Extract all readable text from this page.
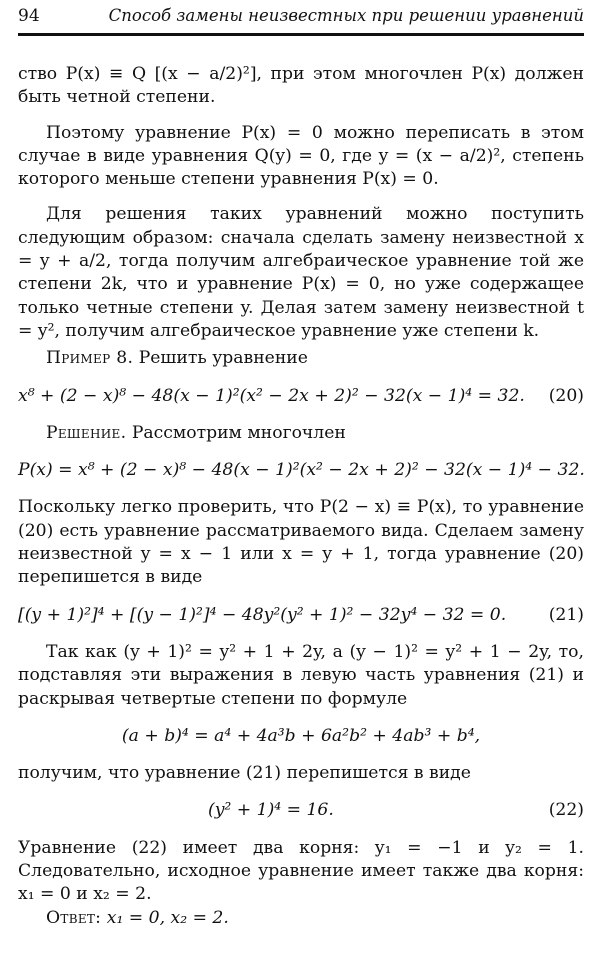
94	Способ замены неизвестных при решении уравнений

ство P(x) ≡ Q [(x − a/2)²], при этом многочлен P(x) должен быть четной степени.

Поэтому уравнение P(x) = 0 можно переписать в этом случае в виде уравнения Q(y) = 0, где y = (x − a/2)², степень которого меньше степени уравнения P(x) = 0.

Для решения таких уравнений можно поступить следующим образом: сначала сделать замену неизвестной x = y + a/2, тогда получим алгебраическое уравнение той же степени 2k, что и уравнение P(x) = 0, но уже содержащее только четные степени y. Делая затем замену неизвестной t = y², получим алгебраическое уравнение уже степени k.

Пример 8. Решить уравнение

x⁸ + (2 − x)⁸ − 48(x − 1)²(x² − 2x + 2)² − 32(x − 1)⁴ = 32. (20)

Решение. Рассмотрим многочлен

P(x) = x⁸ + (2 − x)⁸ − 48(x − 1)²(x² − 2x + 2)² − 32(x − 1)⁴ − 32.

Поскольку легко проверить, что P(2 − x) ≡ P(x), то уравнение (20) есть уравнение рассматриваемого вида. Сделаем замену неизвестной y = x − 1 или x = y + 1, тогда уравнение (20) перепишется в виде

[(y + 1)²]⁴ + [(y − 1)²]⁴ − 48y²(y² + 1)² − 32y⁴ − 32 = 0. (21)

Так как (y + 1)² = y² + 1 + 2y, а (y − 1)² = y² + 1 − 2y, то, подставляя эти выражения в левую часть уравнения (21) и раскрывая четвертые степени по формуле

(a + b)⁴ = a⁴ + 4a³b + 6a²b² + 4ab³ + b⁴,

получим, что уравнение (21) перепишется в виде

(y² + 1)⁴ = 16.	(22)

Уравнение (22) имеет два корня: y₁ = −1 и y₂ = 1. Следовательно, исходное уравнение имеет также два корня: x₁ = 0 и x₂ = 2.

Ответ: x₁ = 0, x₂ = 2.
